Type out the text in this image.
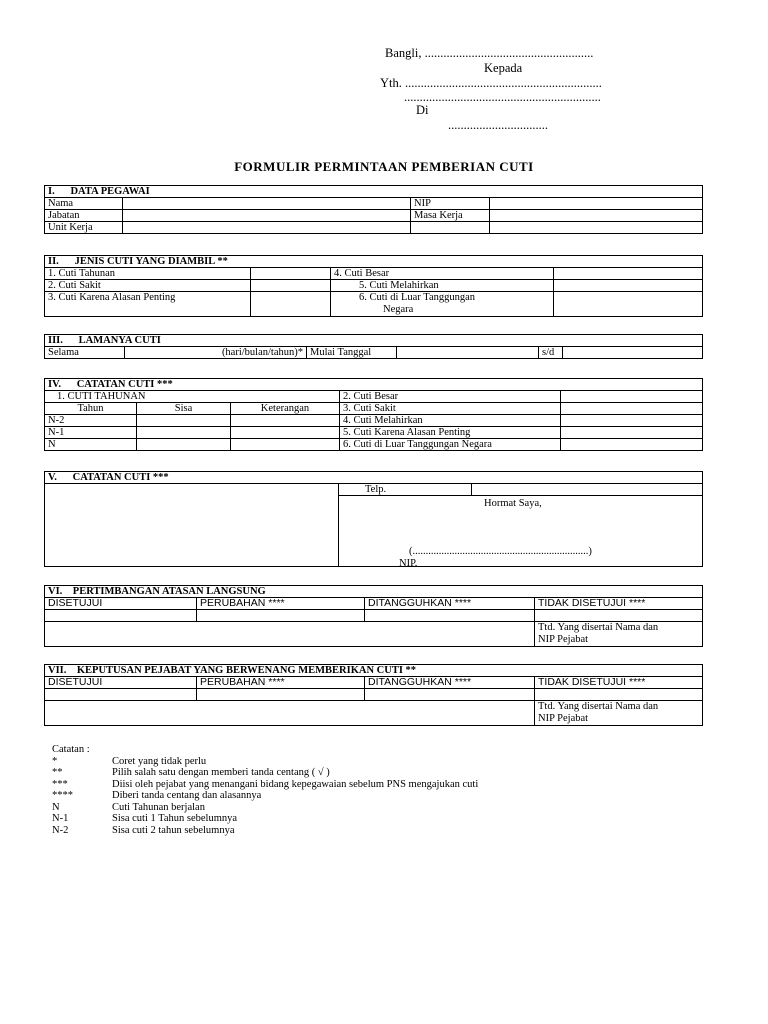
Bangli, ......................................................
Kepada
Yth. ...............................................................
...............................................................
Di
................................
FORMULIR PERMINTAAN PEMBERIAN CUTI
I. DATA PEGAWAI			
Nama		NIP	
Jabatan		Masa Kerja	
Unit Kerja			
II. JENIS CUTI YANG DIAMBIL **			
1. Cuti Tahunan		4. Cuti Besar	
2. Cuti Sakit		5. Cuti Melahirkan	
3. Cuti Karena Alasan Penting		6. Cuti di Luar Tanggungan
Negara	

III. LAMANYA CUTI
Selama	(hari/bulan/tahun)*	Mulai Tanggal		s/d	
IV. CATATAN CUTI ***				
1. CUTI TAHUNAN			2. Cuti Besar	
Tahun	Sisa	Keterangan	3. Cuti Sakit	
N-2			4. Cuti Melahirkan	
N-1			5. Cuti Karena Alasan Penting	
N			6. Cuti di Luar Tanggungan Negara	
V. CATATAN CUTI ***
	Telp.	

Hormat Saya,
(...................................................................)
NIP.
VI. PERTIMBANGAN ATASAN LANGSUNG			
DISETUJUI	PERUBAHAN ****	DITANGGUHKAN ****	TIDAK DISETUJUI ****

			Ttd. Yang disertai Nama dan
NIP Pejabat
VII. KEPUTUSAN PEJABAT YANG BERWENANG MEMBERIKAN CUTI **			
DISETUJUI	PERUBAHAN ****	DITANGGUHKAN ****	TIDAK DISETUJUI ****

			Ttd. Yang disertai Nama dan
NIP Pejabat
Catatan :
*	Coret yang tidak perlu
**	Pilih salah satu dengan memberi tanda centang ( √ )
***	Diisi oleh pejabat yang menangani bidang kepegawaian sebelum PNS mengajukan cuti
****	Diberi tanda centang dan alasannya
N	Cuti Tahunan berjalan
N-1	Sisa cuti 1 Tahun sebelumnya
N-2	Sisa cuti 2 tahun sebelumnya
